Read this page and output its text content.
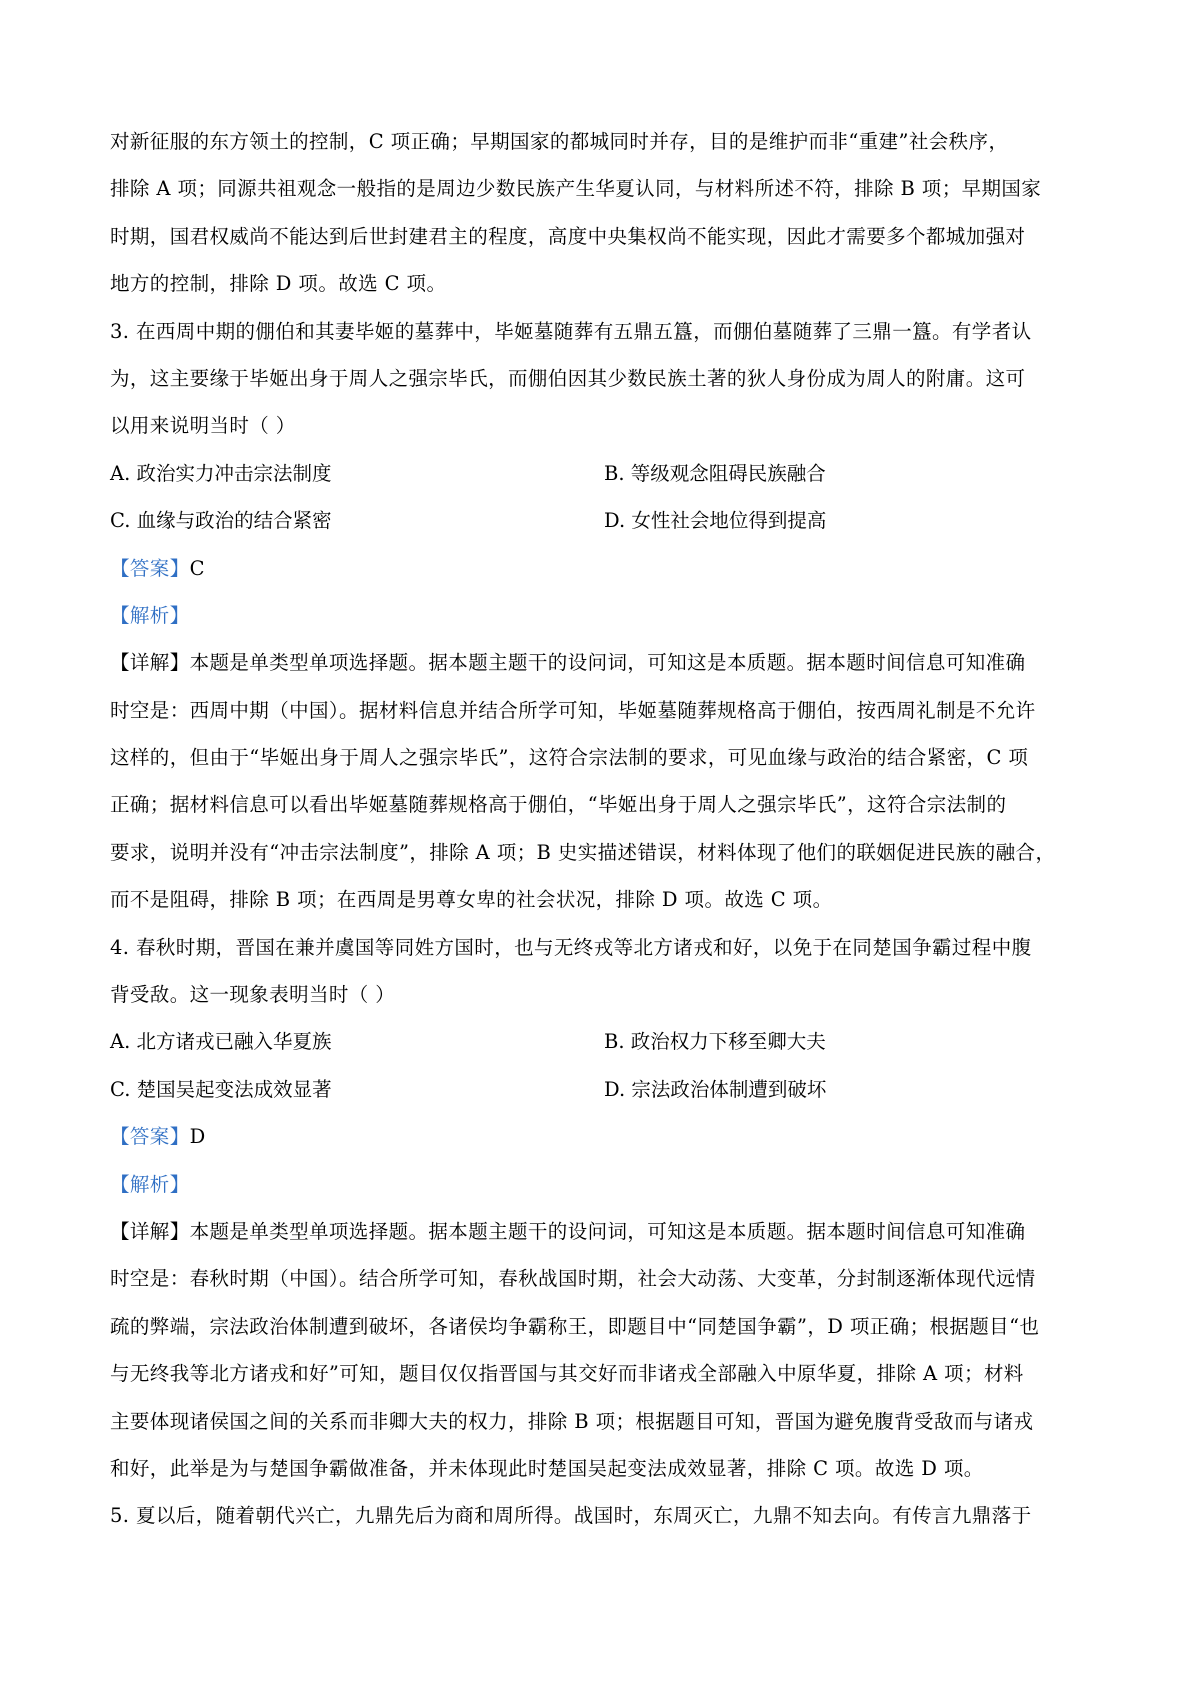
对新征服的东方领土的控制，C 项正确；早期国家的都城同时并存，目的是维护而非“重建”社会秩序，
排除 A 项；同源共祖观念一般指的是周边少数民族产生华夏认同，与材料所述不符，排除 B 项；早期国家
时期，国君权威尚不能达到后世封建君主的程度，高度中央集权尚不能实现，因此才需要多个都城加强对
地方的控制，排除 D 项。故选 C 项。
3. 在西周中期的倗伯和其妻毕姬的墓葬中，毕姬墓随葬有五鼎五簋，而倗伯墓随葬了三鼎一簋。有学者认
为，这主要缘于毕姬出身于周人之强宗毕氏，而倗伯因其少数民族土著的狄人身份成为周人的附庸。这可
以用来说明当时（ ）
A. 政治实力冲击宗法制度	B. 等级观念阻碍民族融合
C. 血缘与政治的结合紧密	D. 女性社会地位得到提高
【答案】C
【解析】
【详解】本题是单类型单项选择题。据本题主题干的设问词，可知这是本质题。据本题时间信息可知准确
时空是：西周中期（中国）。据材料信息并结合所学可知，毕姬墓随葬规格高于倗伯，按西周礼制是不允许
这样的，但由于“毕姬出身于周人之强宗毕氏”，这符合宗法制的要求，可见血缘与政治的结合紧密，C 项
正确；据材料信息可以看出毕姬墓随葬规格高于倗伯，“毕姬出身于周人之强宗毕氏”，这符合宗法制的
要求，说明并没有“冲击宗法制度”，排除 A 项；B 史实描述错误，材料体现了他们的联姻促进民族的融合，
而不是阻碍，排除 B 项；在西周是男尊女卑的社会状况，排除 D 项。故选 C 项。
4. 春秋时期，晋国在兼并虞国等同姓方国时，也与无终戎等北方诸戎和好，以免于在同楚国争霸过程中腹
背受敌。这一现象表明当时（ ）
A. 北方诸戎已融入华夏族	B. 政治权力下移至卿大夫
C. 楚国吴起变法成效显著	D. 宗法政治体制遭到破坏
【答案】D
【解析】
【详解】本题是单类型单项选择题。据本题主题干的设问词，可知这是本质题。据本题时间信息可知准确
时空是：春秋时期（中国）。结合所学可知，春秋战国时期，社会大动荡、大变革，分封制逐渐体现代远情
疏的弊端，宗法政治体制遭到破坏，各诸侯均争霸称王，即题目中“同楚国争霸”，D 项正确；根据题目“也
与无终我等北方诸戎和好”可知，题目仅仅指晋国与其交好而非诸戎全部融入中原华夏，排除 A 项；材料
主要体现诸侯国之间的关系而非卿大夫的权力，排除 B 项；根据题目可知，晋国为避免腹背受敌而与诸戎
和好，此举是为与楚国争霸做准备，并未体现此时楚国吴起变法成效显著，排除 C 项。故选 D 项。
5. 夏以后，随着朝代兴亡，九鼎先后为商和周所得。战国时，东周灭亡，九鼎不知去向。有传言九鼎落于
